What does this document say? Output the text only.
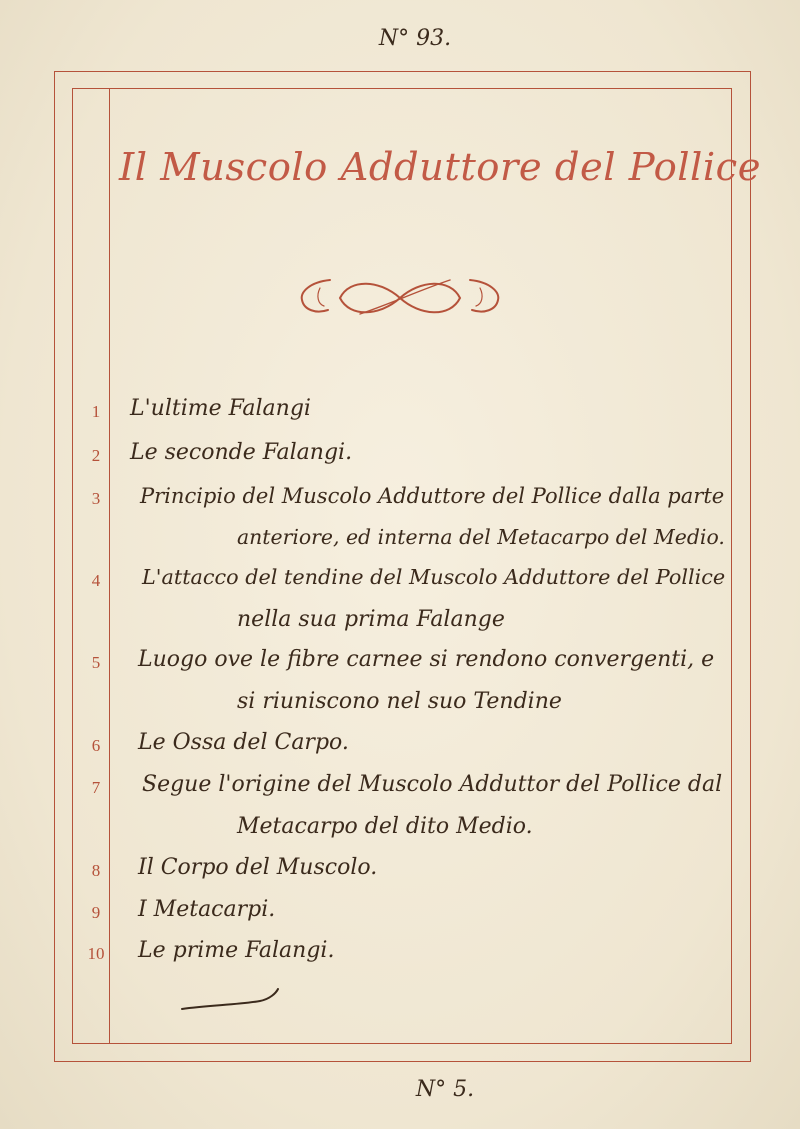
N° 93.
Il Muscolo Adduttore del Pollice
1	L'ultime Falangi
2	Le seconde Falangi.
3	Principio del Muscolo Adduttore del Pollice dalla parte
anteriore, ed interna del Metacarpo del Medio.
4	L'attacco del tendine del Muscolo Adduttore del Pollice
nella sua prima Falange
5	Luogo ove le fibre carnee si rendono convergenti, e
si riuniscono nel suo Tendine
6	Le Ossa del Carpo.
7	Segue l'origine del Muscolo Adduttor del Pollice dal
Metacarpo del dito Medio.
8	Il Corpo del Muscolo.
9	I Metacarpi.
10	Le prime Falangi.
N° 5.
